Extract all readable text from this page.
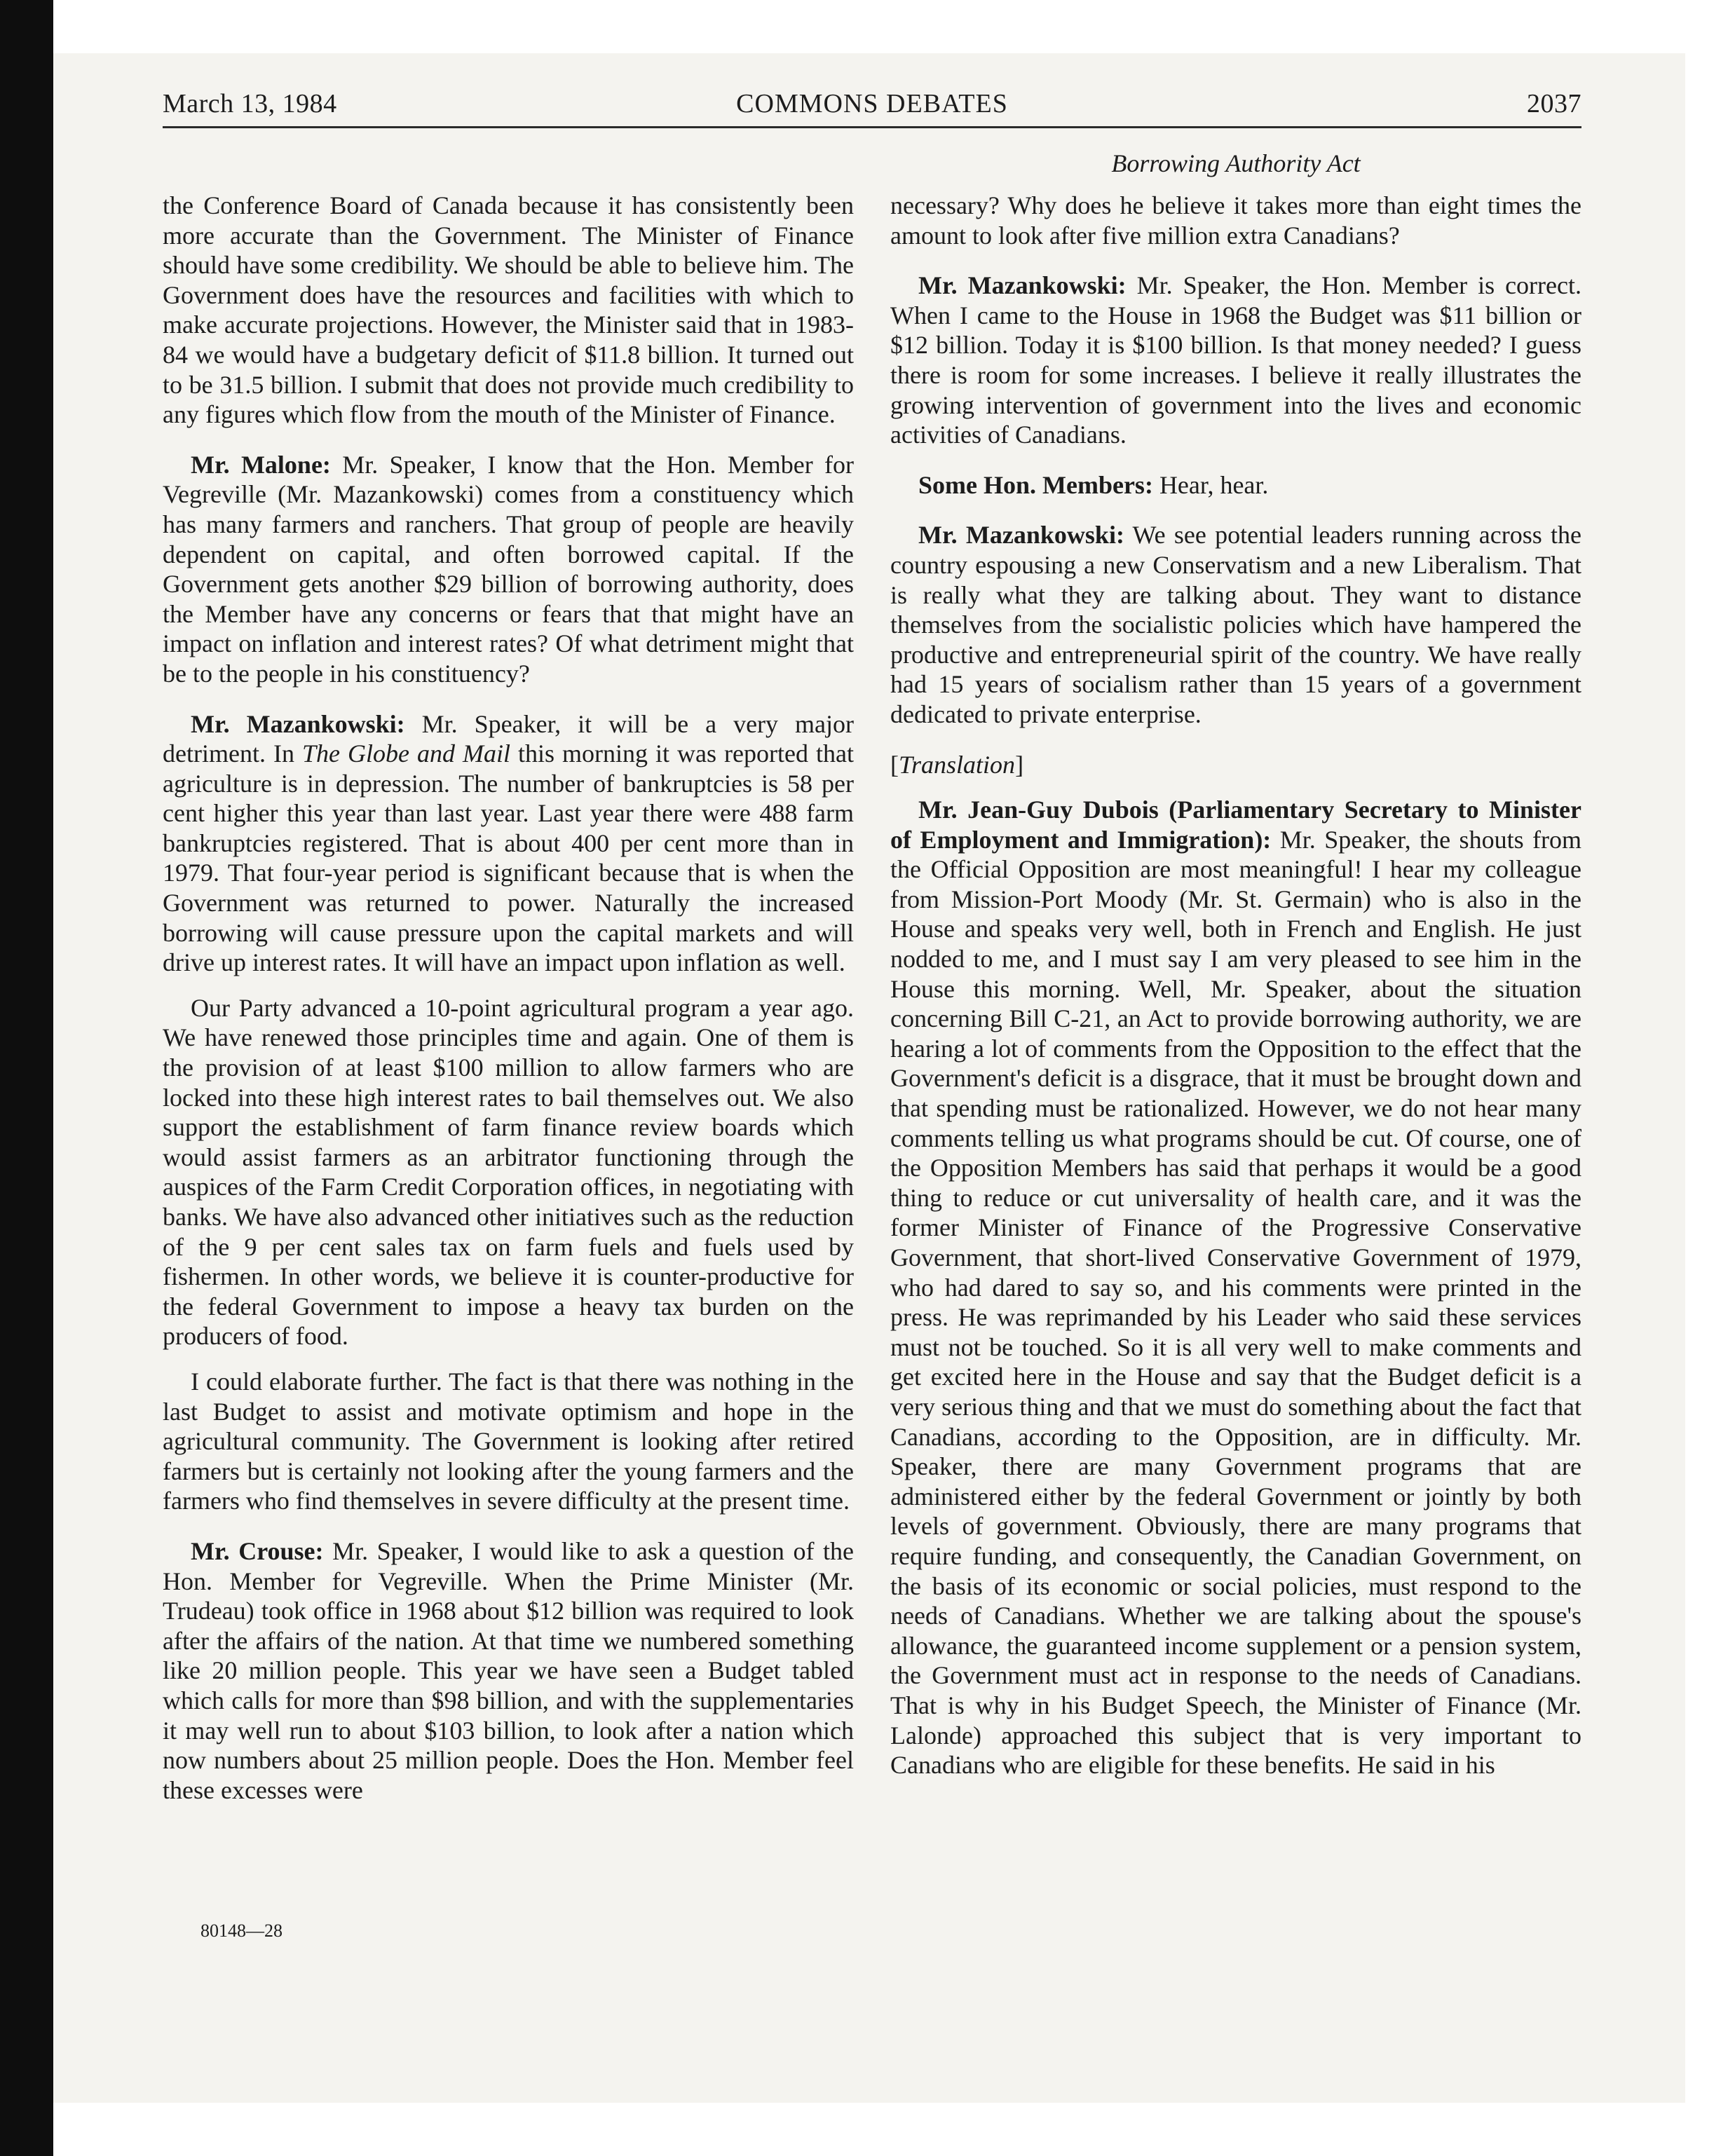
March 13, 1984	COMMONS DEBATES	2037
Borrowing Authority Act

the Conference Board of Canada because it has consistently been more accurate than the Government. The Minister of Finance should have some credibility. We should be able to believe him. The Government does have the resources and facilities with which to make accurate projections. However, the Minister said that in 1983-84 we would have a budgetary deficit of $11.8 billion. It turned out to be 31.5 billion. I submit that does not provide much credibility to any figures which flow from the mouth of the Minister of Finance.

Mr. Malone: Mr. Speaker, I know that the Hon. Member for Vegreville (Mr. Mazankowski) comes from a constituency which has many farmers and ranchers. That group of people are heavily dependent on capital, and often borrowed capital. If the Government gets another $29 billion of borrowing authority, does the Member have any concerns or fears that that might have an impact on inflation and interest rates? Of what detriment might that be to the people in his constituency?

Mr. Mazankowski: Mr. Speaker, it will be a very major detriment. In The Globe and Mail this morning it was reported that agriculture is in depression. The number of bankruptcies is 58 per cent higher this year than last year. Last year there were 488 farm bankruptcies registered. That is about 400 per cent more than in 1979. That four-year period is significant because that is when the Government was returned to power. Naturally the increased borrowing will cause pressure upon the capital markets and will drive up interest rates. It will have an impact upon inflation as well.

Our Party advanced a 10-point agricultural program a year ago. We have renewed those principles time and again. One of them is the provision of at least $100 million to allow farmers who are locked into these high interest rates to bail themselves out. We also support the establishment of farm finance review boards which would assist farmers as an arbitrator functioning through the auspices of the Farm Credit Corporation offices, in negotiating with banks. We have also advanced other initiatives such as the reduction of the 9 per cent sales tax on farm fuels and fuels used by fishermen. In other words, we believe it is counter-productive for the federal Government to impose a heavy tax burden on the producers of food.

I could elaborate further. The fact is that there was nothing in the last Budget to assist and motivate optimism and hope in the agricultural community. The Government is looking after retired farmers but is certainly not looking after the young farmers and the farmers who find themselves in severe difficulty at the present time.

Mr. Crouse: Mr. Speaker, I would like to ask a question of the Hon. Member for Vegreville. When the Prime Minister (Mr. Trudeau) took office in 1968 about $12 billion was required to look after the affairs of the nation. At that time we numbered something like 20 million people. This year we have seen a Budget tabled which calls for more than $98 billion, and with the supplementaries it may well run to about $103 billion, to look after a nation which now numbers about 25 million people. Does the Hon. Member feel these excesses were

necessary? Why does he believe it takes more than eight times the amount to look after five million extra Canadians?

Mr. Mazankowski: Mr. Speaker, the Hon. Member is correct. When I came to the House in 1968 the Budget was $11 billion or $12 billion. Today it is $100 billion. Is that money needed? I guess there is room for some increases. I believe it really illustrates the growing intervention of government into the lives and economic activities of Canadians.

Some Hon. Members: Hear, hear.

Mr. Mazankowski: We see potential leaders running across the country espousing a new Conservatism and a new Liberalism. That is really what they are talking about. They want to distance themselves from the socialistic policies which have hampered the productive and entrepreneurial spirit of the country. We have really had 15 years of socialism rather than 15 years of a government dedicated to private enterprise.

[Translation]

Mr. Jean-Guy Dubois (Parliamentary Secretary to Minister of Employment and Immigration): Mr. Speaker, the shouts from the Official Opposition are most meaningful! I hear my colleague from Mission-Port Moody (Mr. St. Germain) who is also in the House and speaks very well, both in French and English. He just nodded to me, and I must say I am very pleased to see him in the House this morning. Well, Mr. Speaker, about the situation concerning Bill C-21, an Act to provide borrowing authority, we are hearing a lot of comments from the Opposition to the effect that the Government's deficit is a disgrace, that it must be brought down and that spending must be rationalized. However, we do not hear many comments telling us what programs should be cut. Of course, one of the Opposition Members has said that perhaps it would be a good thing to reduce or cut universality of health care, and it was the former Minister of Finance of the Progressive Conservative Government, that short-lived Conservative Government of 1979, who had dared to say so, and his comments were printed in the press. He was reprimanded by his Leader who said these services must not be touched. So it is all very well to make comments and get excited here in the House and say that the Budget deficit is a very serious thing and that we must do something about the fact that Canadians, according to the Opposition, are in difficulty. Mr. Speaker, there are many Government programs that are administered either by the federal Government or jointly by both levels of government. Obviously, there are many programs that require funding, and consequently, the Canadian Government, on the basis of its economic or social policies, must respond to the needs of Canadians. Whether we are talking about the spouse's allowance, the guaranteed income supplement or a pension system, the Government must act in response to the needs of Canadians. That is why in his Budget Speech, the Minister of Finance (Mr. Lalonde) approached this subject that is very important to Canadians who are eligible for these benefits. He said in his

80148—28
